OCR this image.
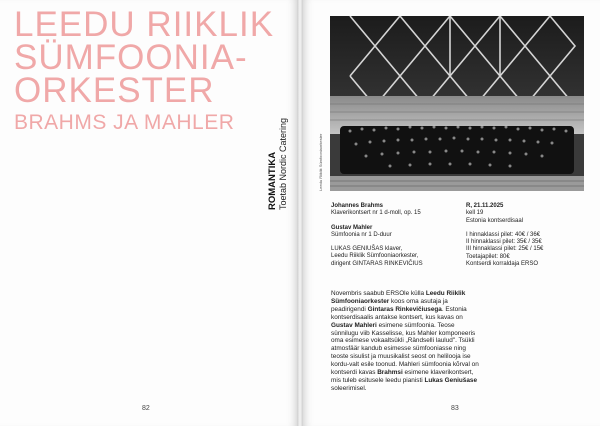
LEEDU RIIKLIK
SÜMFOONIA-
ORKESTER
BRAHMS JA MAHLER
ROMANTIKA Toetab Nordic Catering
82
Leedu Riiklik Sümfooniaorkester
Johannes Brahms
Klaverikontsert nr 1 d-moll, op. 15
Gustav Mahler
Sümfoonia nr 1 D-duur
LUKAS GENIUŠAS klaver,
Leedu Riiklik Sümfooniaorkester,
dirigent GINTARAS RINKEVIČIUS
R, 21.11.2025
kell 19
Estonia kontserdisaal
I hinnaklassi pilet: 40€ / 36€
II hinnaklassi pilet: 35€ / 35€
III hinnaklassi pilet: 25€ / 15€
Toetajapilet: 80€
Kontserdi korraldaja ERSO
Novembris saabub ERSOle külla Leedu Riiklik Sümfooniaorkester koos oma asutaja ja peadirigendi Gintaras Rinkevičiusega. Estonia kontserdisaalis antakse kontsert, kus kavas on Gustav Mahleri esimene sümfoonia. Teose sünnilugu viib Kasselisse, kus Mahler komponeeris oma esimese vokaaltsükli „Rändselli laulud". Tsükli atmosfäär kandub esimesse sümfooniasse ning teoste sisulist ja muusikalist seost on heliloojа ise kordu-valt esile toonud. Mahleri sümfoonia kõrval on kontserdi kavas Brahmsi esimene klaverikontsert, mis tuleb esitusele leedu pianisti Lukas Geniušase soleerimisel.
83
